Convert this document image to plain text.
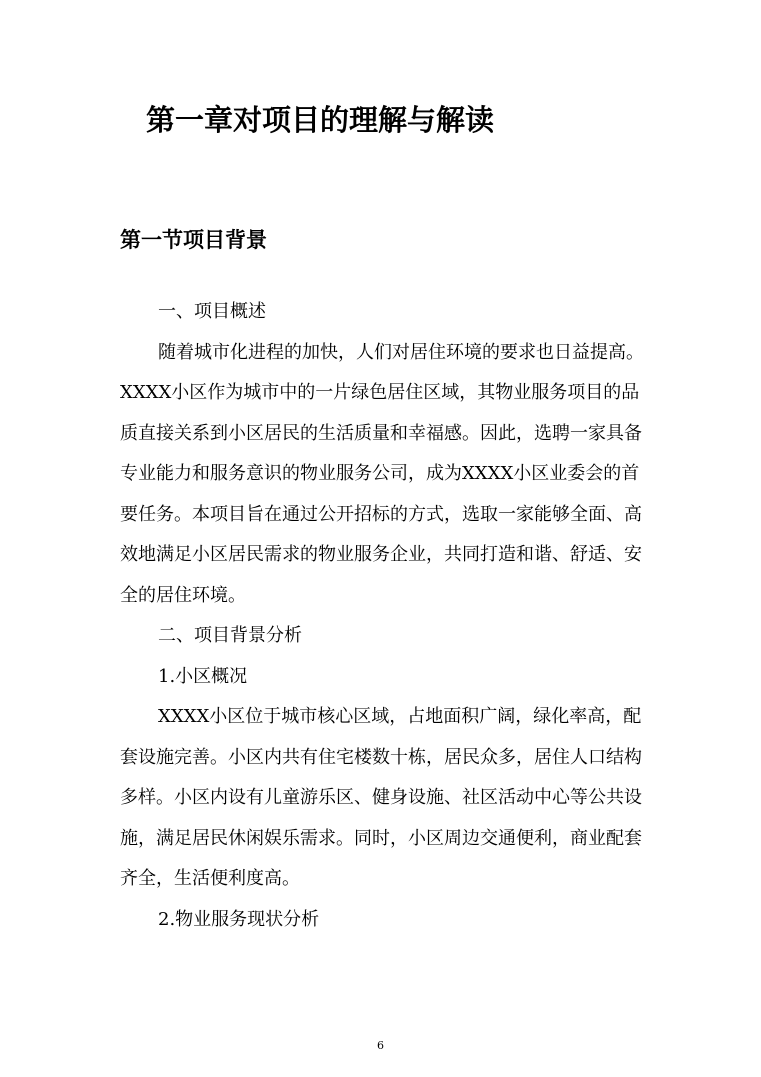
第一章对项目的理解与解读
第一节项目背景

一、项目概述

随着城市化进程的加快，人们对居住环境的要求也日益提高。XXXX小区作为城市中的一片绿色居住区域，其物业服务项目的品质直接关系到小区居民的生活质量和幸福感。因此，选聘一家具备专业能力和服务意识的物业服务公司，成为XXXX小区业委会的首要任务。本项目旨在通过公开招标的方式，选取一家能够全面、高效地满足小区居民需求的物业服务企业，共同打造和谐、舒适、安全的居住环境。

二、项目背景分析

1.小区概况

XXXX小区位于城市核心区域，占地面积广阔，绿化率高，配套设施完善。小区内共有住宅楼数十栋，居民众多，居住人口结构多样。小区内设有儿童游乐区、健身设施、社区活动中心等公共设施，满足居民休闲娱乐需求。同时，小区周边交通便利，商业配套齐全，生活便利度高。

2.物业服务现状分析

6
